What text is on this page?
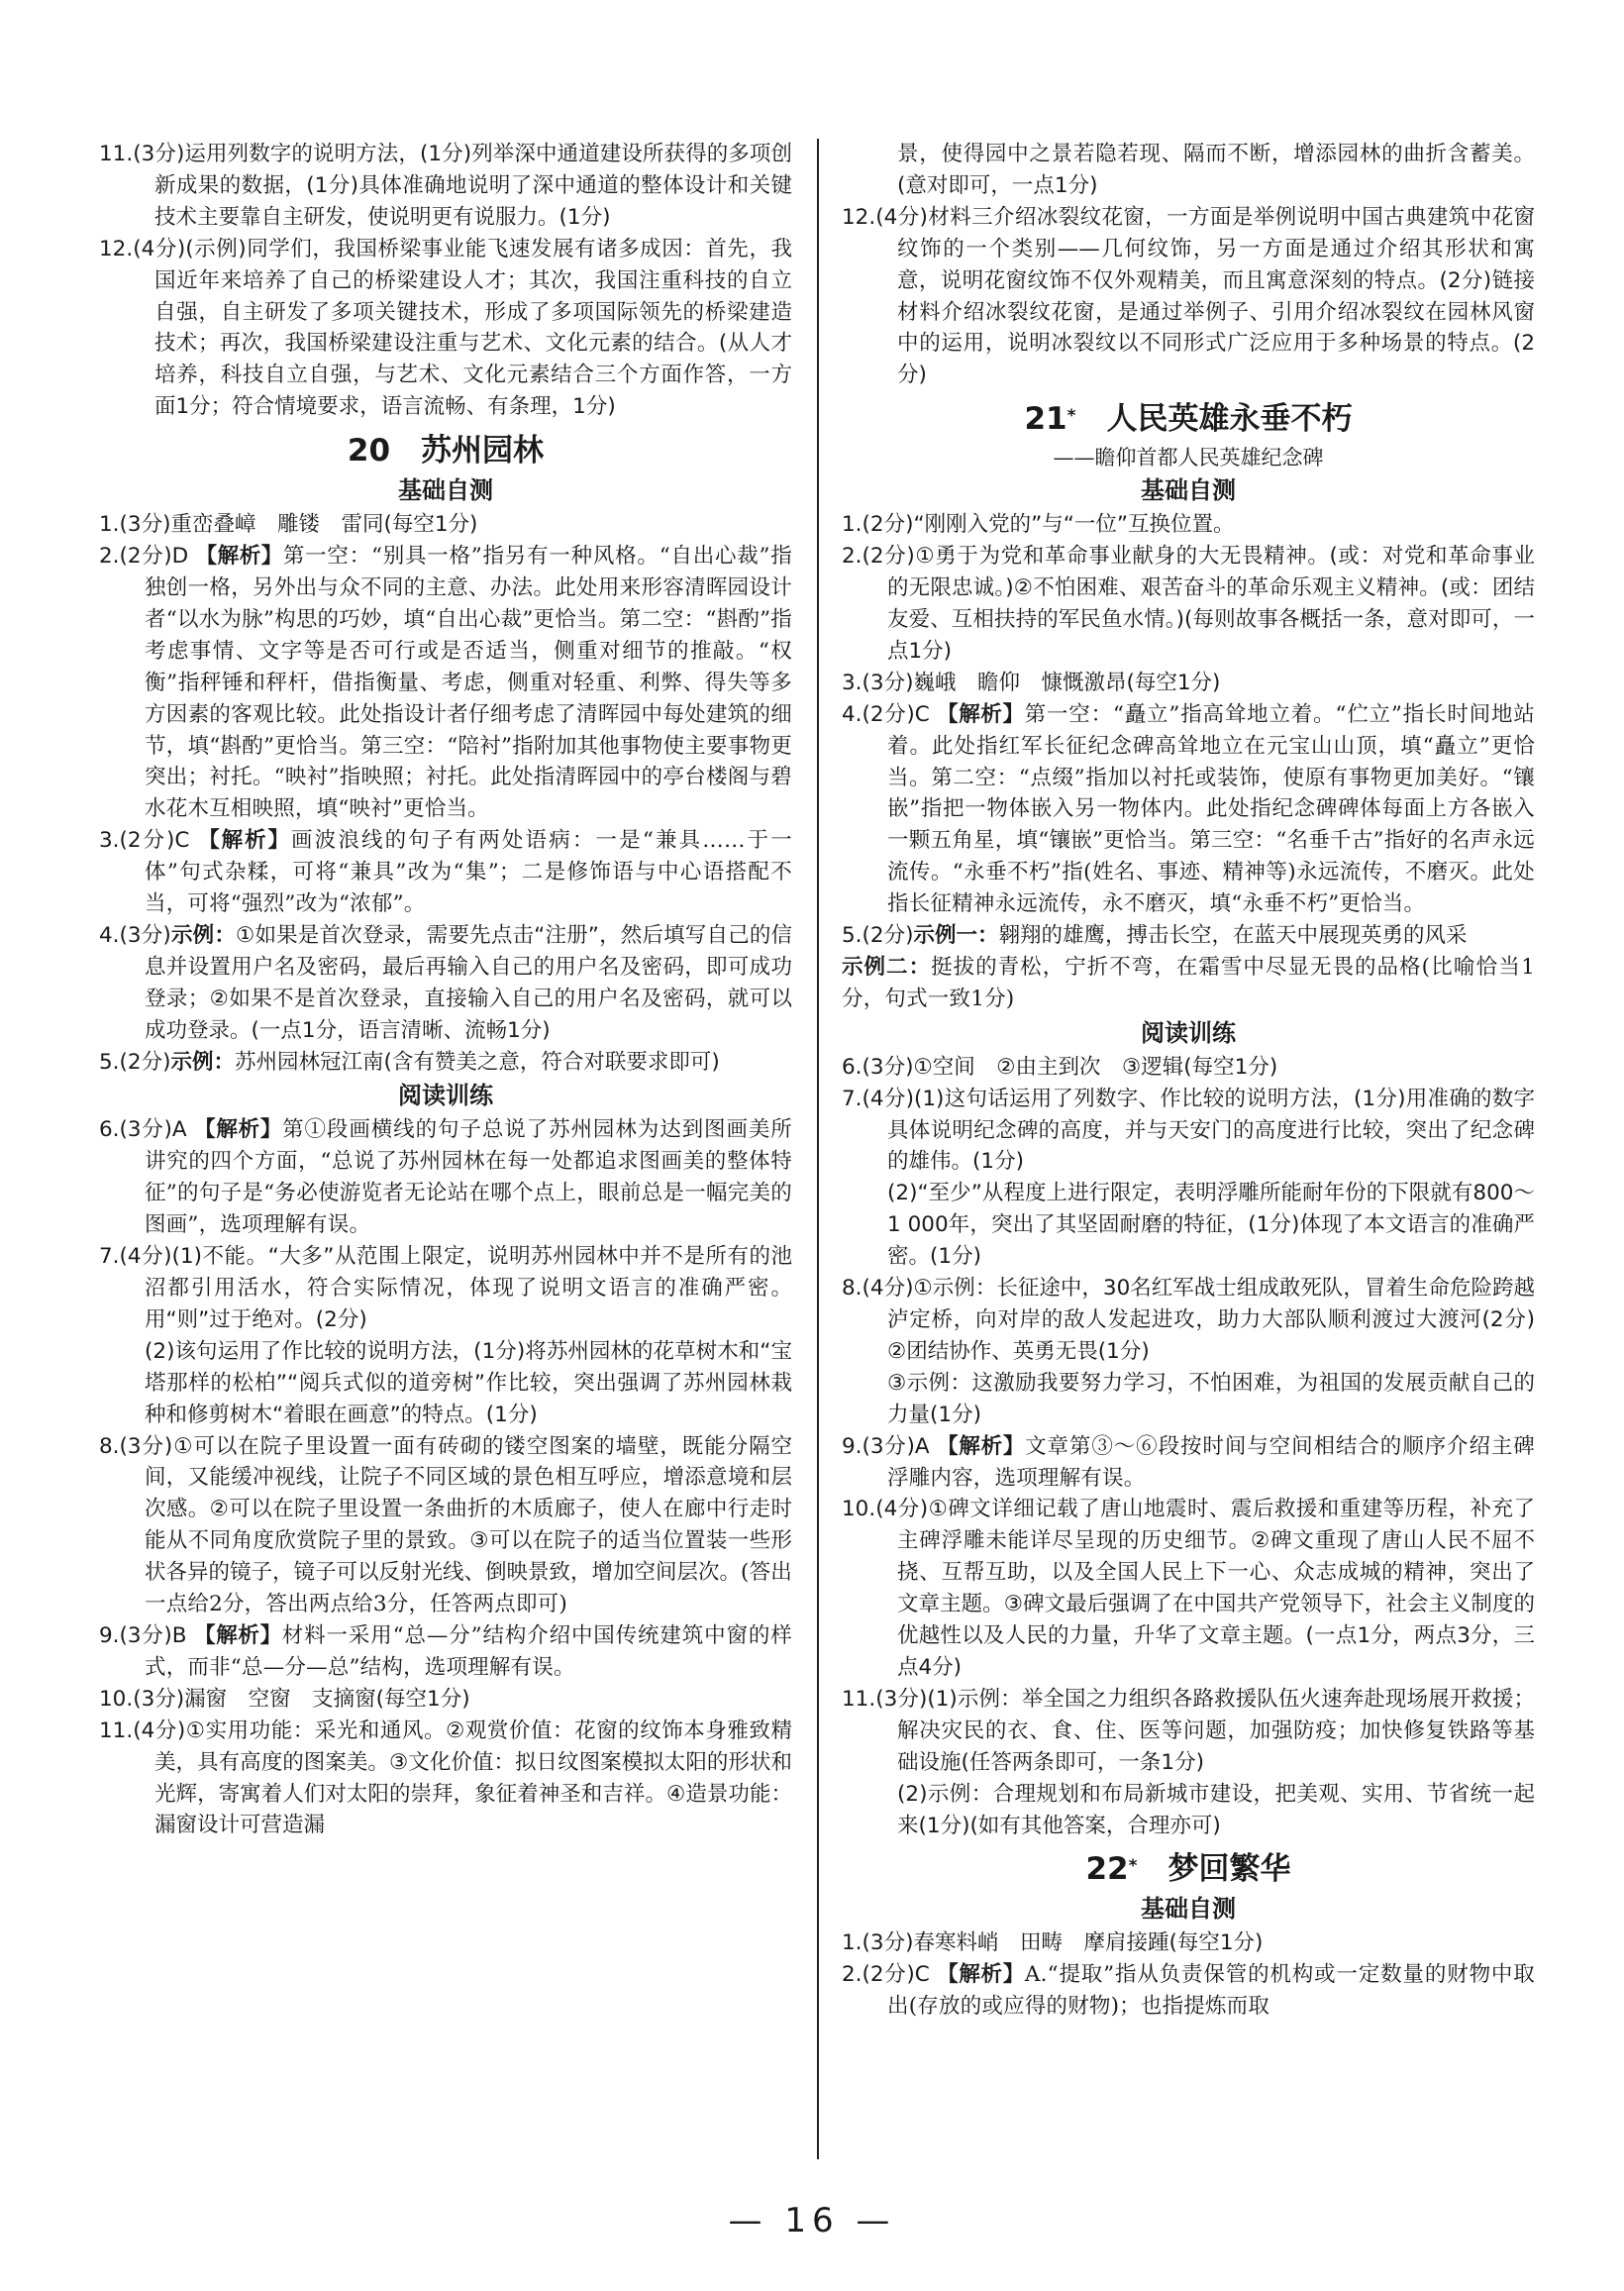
11.(3分)运用列数字的说明方法，(1分)列举深中通道建设所获得的多项创新成果的数据，(1分)具体准确地说明了深中通道的整体设计和关键技术主要靠自主研发，使说明更有说服力。(1分)

12.(4分)(示例)同学们，我国桥梁事业能飞速发展有诸多成因：首先，我国近年来培养了自己的桥梁建设人才；其次，我国注重科技的自立自强，自主研发了多项关键技术，形成了多项国际领先的桥梁建造技术；再次，我国桥梁建设注重与艺术、文化元素的结合。(从人才培养，科技自立自强，与艺术、文化元素结合三个方面作答，一方面1分；符合情境要求，语言流畅、有条理，1分)

20　苏州园林
基础自测

1.(3分)重峦叠嶂　雕镂　雷同(每空1分)

2.(2分)D 【解析】第一空：“别具一格”指另有一种风格。“自出心裁”指独创一格，另外出与众不同的主意、办法。此处用来形容清晖园设计者“以水为脉”构思的巧妙，填“自出心裁”更恰当。第二空：“斟酌”指考虑事情、文字等是否可行或是否适当，侧重对细节的推敲。“权衡”指秤锤和秤杆，借指衡量、考虑，侧重对轻重、利弊、得失等多方因素的客观比较。此处指设计者仔细考虑了清晖园中每处建筑的细节，填“斟酌”更恰当。第三空：“陪衬”指附加其他事物使主要事物更突出；衬托。“映衬”指映照；衬托。此处指清晖园中的亭台楼阁与碧水花木互相映照，填“映衬”更恰当。

3.(2分)C 【解析】画波浪线的句子有两处语病：一是“兼具……于一体”句式杂糅，可将“兼具”改为“集”；二是修饰语与中心语搭配不当，可将“强烈”改为“浓郁”。

4.(3分)示例：①如果是首次登录，需要先点击“注册”，然后填写自己的信息并设置用户名及密码，最后再输入自己的用户名及密码，即可成功登录；②如果不是首次登录，直接输入自己的用户名及密码，就可以成功登录。(一点1分，语言清晰、流畅1分)

5.(2分)示例：苏州园林冠江南(含有赞美之意，符合对联要求即可)

阅读训练

6.(3分)A 【解析】第①段画横线的句子总说了苏州园林为达到图画美所讲究的四个方面，“总说了苏州园林在每一处都追求图画美的整体特征”的句子是“务必使游览者无论站在哪个点上，眼前总是一幅完美的图画”，选项理解有误。

7.(4分)(1)不能。“大多”从范围上限定，说明苏州园林中并不是所有的池沼都引用活水，符合实际情况，体现了说明文语言的准确严密。用“则”过于绝对。(2分)

(2)该句运用了作比较的说明方法，(1分)将苏州园林的花草树木和“宝塔那样的松柏”“阅兵式似的道旁树”作比较，突出强调了苏州园林栽种和修剪树木“着眼在画意”的特点。(1分)

8.(3分)①可以在院子里设置一面有砖砌的镂空图案的墙壁，既能分隔空间，又能缓冲视线，让院子不同区域的景色相互呼应，增添意境和层次感。②可以在院子里设置一条曲折的木质廊子，使人在廊中行走时能从不同角度欣赏院子里的景致。③可以在院子的适当位置装一些形状各异的镜子，镜子可以反射光线、倒映景致，增加空间层次。(答出一点给2分，答出两点给3分，任答两点即可)

9.(3分)B 【解析】材料一采用“总—分”结构介绍中国传统建筑中窗的样式，而非“总—分—总”结构，选项理解有误。

10.(3分)漏窗　空窗　支摘窗(每空1分)

11.(4分)①实用功能：采光和通风。②观赏价值：花窗的纹饰本身雅致精美，具有高度的图案美。③文化价值：拟日纹图案模拟太阳的形状和光辉，寄寓着人们对太阳的崇拜，象征着神圣和吉祥。④造景功能：漏窗设计可营造漏

景，使得园中之景若隐若现、隔而不断，增添园林的曲折含蓄美。(意对即可，一点1分)

12.(4分)材料三介绍冰裂纹花窗，一方面是举例说明中国古典建筑中花窗纹饰的一个类别——几何纹饰，另一方面是通过介绍其形状和寓意，说明花窗纹饰不仅外观精美，而且寓意深刻的特点。(2分)链接材料介绍冰裂纹花窗，是通过举例子、引用介绍冰裂纹在园林风窗中的运用，说明冰裂纹以不同形式广泛应用于多种场景的特点。(2分)

21*　 人民英雄永垂不朽
——瞻仰首都人民英雄纪念碑
基础自测

1.(2分)“刚刚入党的”与“一位”互换位置。

2.(2分)①勇于为党和革命事业献身的大无畏精神。(或：对党和革命事业的无限忠诚。)②不怕困难、艰苦奋斗的革命乐观主义精神。(或：团结友爱、互相扶持的军民鱼水情。)(每则故事各概括一条，意对即可，一点1分)

3.(3分)巍峨　瞻仰　慷慨激昂(每空1分)

4.(2分)C 【解析】第一空：“矗立”指高耸地立着。“伫立”指长时间地站着。此处指红军长征纪念碑高耸地立在元宝山山顶，填“矗立”更恰当。第二空：“点缀”指加以衬托或装饰，使原有事物更加美好。“镶嵌”指把一物体嵌入另一物体内。此处指纪念碑碑体每面上方各嵌入一颗五角星，填“镶嵌”更恰当。第三空：“名垂千古”指好的名声永远流传。“永垂不朽”指(姓名、事迹、精神等)永远流传，不磨灭。此处指长征精神永远流传，永不磨灭，填“永垂不朽”更恰当。

5.(2分)示例一：翱翔的雄鹰，搏击长空，在蓝天中展现英勇的风采

示例二：挺拔的青松，宁折不弯，在霜雪中尽显无畏的品格(比喻恰当1分，句式一致1分)

阅读训练

6.(3分)①空间　②由主到次　③逻辑(每空1分)

7.(4分)(1)这句话运用了列数字、作比较的说明方法，(1分)用准确的数字具体说明纪念碑的高度，并与天安门的高度进行比较，突出了纪念碑的雄伟。(1分)

(2)“至少”从程度上进行限定，表明浮雕所能耐年份的下限就有800～1 000年，突出了其坚固耐磨的特征，(1分)体现了本文语言的准确严密。(1分)

8.(4分)①示例：长征途中，30名红军战士组成敢死队，冒着生命危险跨越泸定桥，向对岸的敌人发起进攻，助力大部队顺利渡过大渡河(2分)　②团结协作、英勇无畏(1分)

③示例：这激励我要努力学习，不怕困难，为祖国的发展贡献自己的力量(1分)

9.(3分)A 【解析】文章第③～⑥段按时间与空间相结合的顺序介绍主碑浮雕内容，选项理解有误。

10.(4分)①碑文详细记载了唐山地震时、震后救援和重建等历程，补充了主碑浮雕未能详尽呈现的历史细节。②碑文重现了唐山人民不屈不挠、互帮互助，以及全国人民上下一心、众志成城的精神，突出了文章主题。③碑文最后强调了在中国共产党领导下，社会主义制度的优越性以及人民的力量，升华了文章主题。(一点1分，两点3分，三点4分)

11.(3分)(1)示例：举全国之力组织各路救援队伍火速奔赴现场展开救援；解决灾民的衣、食、住、医等问题，加强防疫；加快修复铁路等基础设施(任答两条即可，一条1分)

(2)示例：合理规划和布局新城市建设，把美观、实用、节省统一起来(1分)(如有其他答案，合理亦可)

22*　 梦回繁华
基础自测

1.(3分)春寒料峭　田畴　摩肩接踵(每空1分)

2.(2分)C 【解析】A.“提取”指从负责保管的机构或一定数量的财物中取出(存放的或应得的财物)；也指提炼而取

— 16 —
